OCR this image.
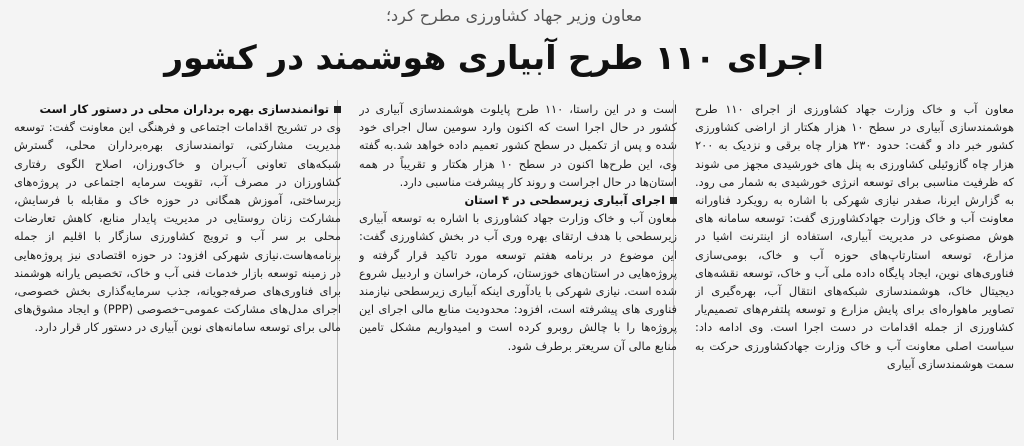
معاون وزیر جهاد کشاورزی مطرح کرد؛
اجرای ۱۱۰ طرح آبیاری هوشمند در کشور

معاون آب و خاک وزارت جهاد کشاورزی از اجرای ۱۱۰ طرح هوشمندسازی آبیاری در سطح ۱۰ هزار هکتار از اراضی کشاورزی کشور خبر داد و گفت: حدود ۲۳۰ هزار چاه برقی و نزدیک به ۲۰۰ هزار چاه گازوئیلی کشاورزی به پنل های خورشیدی مجهز می شوند که ظرفیت مناسبی برای توسعه انرژی خورشیدی به شمار می رود. به گزارش ایرنا، صفدر نیازی شهرکی با اشاره به رویکرد فناورانه معاونت آب و خاک وزارت جهادکشاورزی گفت: توسعه سامانه های هوش مصنوعی در مدیریت آبیاری، استفاده از اینترنت اشیا در مزارع، توسعه استارتاپ‌های حوزه آب و خاک، بومی‌سازی فناوری‌های نوین، ایجاد پایگاه داده ملی آب و خاک، توسعه نقشه‌های دیجیتال خاک، هوشمندسازی شبکه‌های انتقال آب، بهره‌گیری از تصاویر ماهواره‌ای برای پایش مزارع و توسعه پلتفرم‌های تصمیم‌یار کشاورزی از جمله اقدامات در دست اجرا است. وی ادامه داد: سیاست اصلی معاونت آب و خاک وزارت جهادکشاورزی حرکت به سمت هوشمندسازی آبیاری

است و در این راستا، ۱۱۰ طرح پایلوت هوشمندسازی آبیاری در کشور در حال اجرا است که اکنون وارد سومین سال اجرای خود شده و پس از تکمیل در سطح کشور تعمیم داده خواهد شد.به گفته وی، این طرح‌ها اکنون در سطح ۱۰ هزار هکتار و تقریباً در همه استان‌ها در حال اجراست و روند کار پیشرفت مناسبی دارد.

اجرای آبیاری زیرسطحی در ۴ استان

معاون آب و خاک وزارت جهاد کشاورزی با اشاره به توسعه آبیاری زیرسطحی با هدف ارتقای بهره وری آب در بخش کشاورزی گفت: این موضوع در برنامه هفتم توسعه مورد تاکید قرار گرفته و پروژه‌هایی در استان‌های خوزستان، کرمان، خراسان و اردبیل شروع شده است. نیازی شهرکی با یادآوری اینکه آبیاری زیرسطحی نیازمند فناوری های پیشرفته است، افزود: محدودیت منابع مالی اجرای این پروژه‌ها را با چالش روبرو کرده است و امیدواریم مشکل تامین منابع مالی آن سریعتر برطرف شود.

توانمندسازی بهره برداران محلی در دستور کار است

وی در تشریح اقدامات اجتماعی و فرهنگی این معاونت گفت: توسعه مدیریت مشارکتی، توانمندسازی بهره‌برداران محلی، گسترش شبکه‌های تعاونی آب‌بران و خاک‌ورزان، اصلاح الگوی رفتاری کشاورزان در مصرف آب، تقویت سرمایه اجتماعی در پروژه‌های زیرساختی، آموزش همگانی در حوزه خاک و مقابله با فرسایش، مشارکت زنان روستایی در مدیریت پایدار منابع، کاهش تعارضات محلی بر سر آب و ترویج کشاورزی سازگار با اقلیم از جمله برنامه‌هاست.نیازی شهرکی افزود: در حوزه اقتصادی نیز پروژه‌هایی در زمینه توسعه بازار خدمات فنی آب و خاک، تخصیص یارانه هوشمند برای فناوری‌های صرفه‌جویانه، جذب سرمایه‌گذاری بخش خصوصی، اجرای مدل‌های مشارکت عمومی–خصوصی (PPP) و ایجاد مشوق‌های مالی برای توسعه سامانه‌های نوین آبیاری در دستور کار قرار دارد.
